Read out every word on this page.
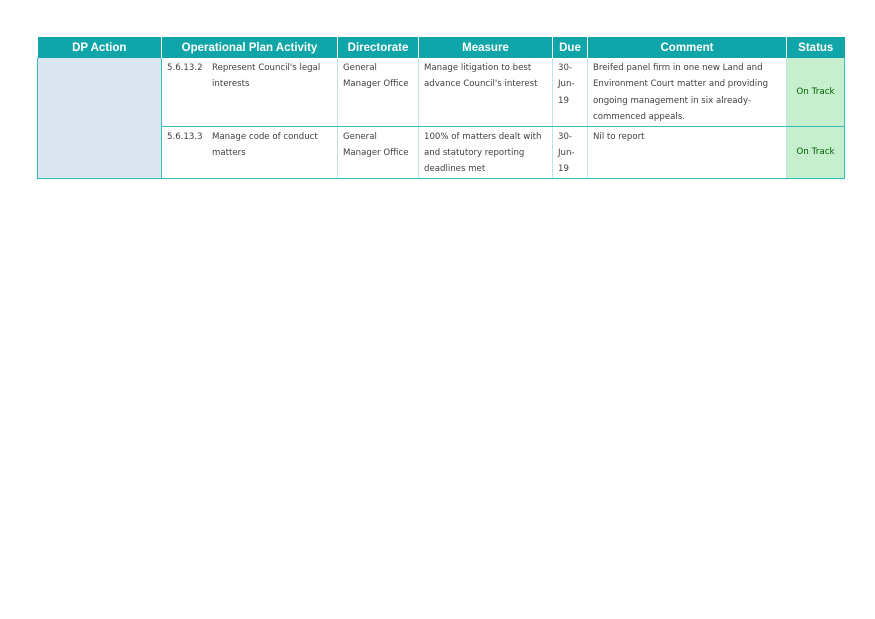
DP Action	Operational Plan Activity	Directorate	Measure	Due	Comment	Status

	5.6.13.2 Represent Council's legal interests	General Manager Office	Manage litigation to best advance Council's interest	30-Jun-19	Breifed panel firm in one new Land and Environment Court matter and providing ongoing management in six already-commenced appeals.	On Track

	5.6.13.3 Manage code of conduct matters	General Manager Office	100% of matters dealt with and statutory reporting deadlines met	30-Jun-19	Nil to report	On Track
